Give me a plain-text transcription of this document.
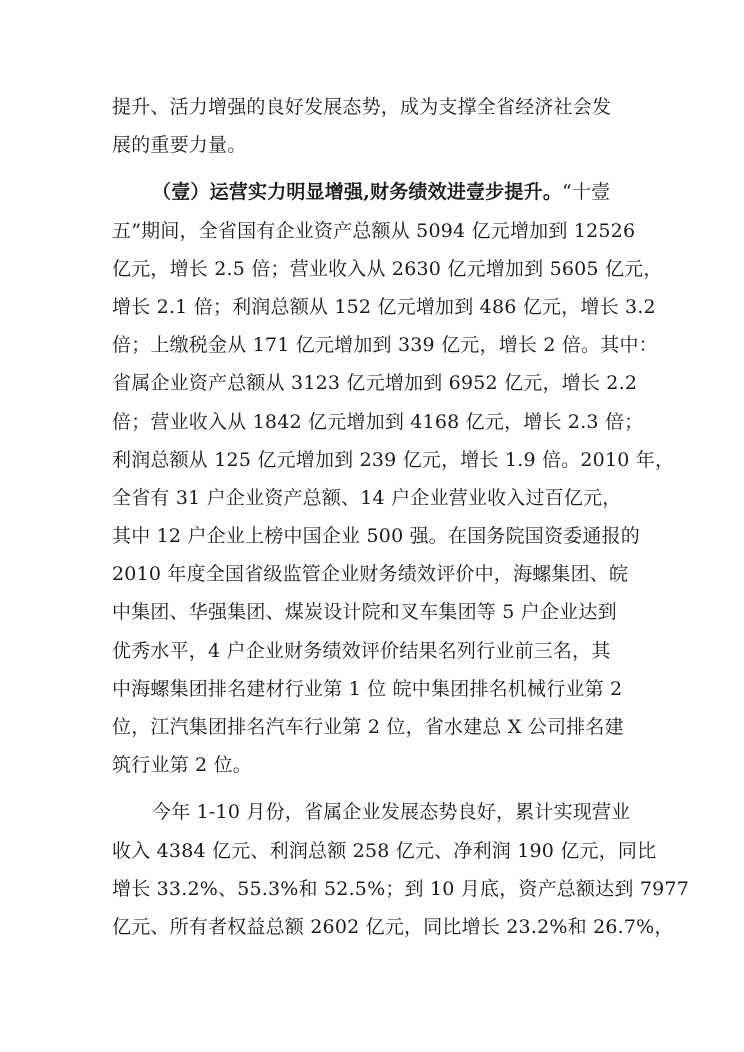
提升、活力增强的良好发展态势，成为支撑全省经济社会发
展的重要力量。
（壹）运营实力明显增强,财务绩效进壹步提升。“十壹
五”期间，全省国有企业资产总额从 5094 亿元增加到 12526
亿元，增长 2.5 倍；营业收入从 2630 亿元增加到 5605 亿元，
增长 2.1 倍；利润总额从 152 亿元增加到 486 亿元，增长 3.2
倍；上缴税金从 171 亿元增加到 339 亿元，增长 2 倍。其中：
省属企业资产总额从 3123 亿元增加到 6952 亿元，增长 2.2
倍；营业收入从 1842 亿元增加到 4168 亿元，增长 2.3 倍；
利润总额从 125 亿元增加到 239 亿元，增长 1.9 倍。2010 年，
全省有 31 户企业资产总额、14 户企业营业收入过百亿元，
其中 12 户企业上榜中国企业 500 强。在国务院国资委通报的
2010 年度全国省级监管企业财务绩效评价中，海螺集团、皖
中集团、华强集团、煤炭设计院和叉车集团等 5 户企业达到
优秀水平，4 户企业财务绩效评价结果名列行业前三名，其
中海螺集团排名建材行业第 1 位 皖中集团排名机械行业第 2
位，江汽集团排名汽车行业第 2 位，省水建总 X 公司排名建
筑行业第 2 位。
今年 1-10 月份，省属企业发展态势良好，累计实现营业
收入 4384 亿元、利润总额 258 亿元、净利润 190 亿元，同比
增长 33.2%、55.3%和 52.5%；到 10 月底，资产总额达到 7977
亿元、所有者权益总额 2602 亿元，同比增长 23.2%和 26.7%，
